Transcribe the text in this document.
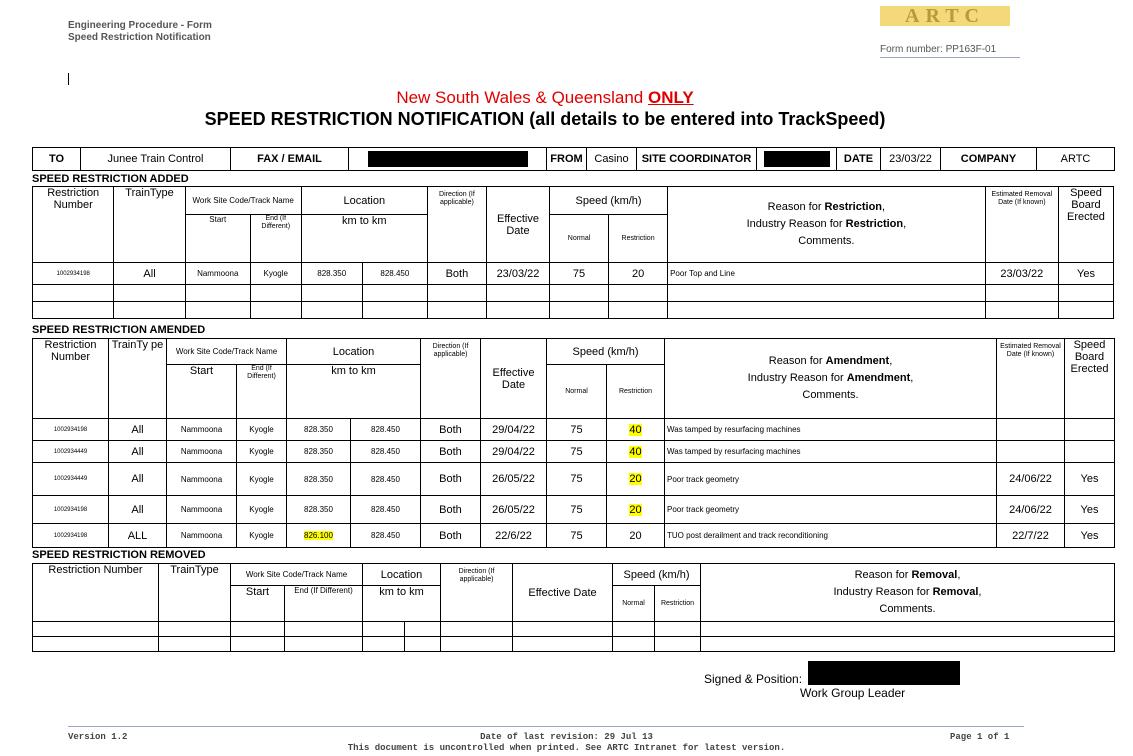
Engineering Procedure - Form
Speed Restriction Notification
ARTC
Form number: PP163F-01
New South Wales & Queensland ONLY
SPEED RESTRICTION NOTIFICATION (all details to be entered into TrackSpeed)
TO	Junee Train Control	FAX / EMAIL		FROM	Casino	SITE COORDINATOR		DATE	23/03/22	COMPANY	ARTC
SPEED RESTRICTION ADDED
Restriction Number	TrainType	Work Site Code/Track Name		Location		Direction (If applicable)	Effective Date	Speed (km/h)		Reason for Restriction,
Industry Reason for Restriction,
Comments.	Estimated Removal Date (If known)	Speed Board Erected
		Start	End (If Different)	km to km				Normal	Restriction			
1002934198	All	Nammoona	Kyogle	828.350	828.450	Both	23/03/22	75	20	Poor Top and Line	23/03/22	Yes

SPEED RESTRICTION AMENDED
Restriction Number	TrainTy pe	Work Site Code/Track Name		Location		Direction (If applicable)	Effective Date	Speed (km/h)		Reason for Amendment,
Industry Reason for Amendment,
Comments.	Estimated Removal Date (If known)	Speed Board Erected
		Start	End (If Different)	km to km				Normal	Restriction			
1002934198	All	Nammoona	Kyogle	828.350	828.450	Both	29/04/22	75	40	Was tamped by resurfacing machines		
1002934449	All	Nammoona	Kyogle	828.350	828.450	Both	29/04/22	75	40	Was tamped by resurfacing machines		
1002934449	All	Nammoona	Kyogle	828.350	828.450	Both	26/05/22	75	20	Poor track geometry	24/06/22	Yes
1002934198	All	Nammoona	Kyogle	828.350	828.450	Both	26/05/22	75	20	Poor track geometry	24/06/22	Yes
1002934198	ALL	Nammoona	Kyogle	826.100	828.450	Both	22/6/22	75	20	TUO post derailment and track reconditioning	22/7/22	Yes
SPEED RESTRICTION REMOVED
Restriction Number	TrainType	Work Site Code/Track Name		Location		Direction (If applicable)	Effective Date	Speed (km/h)		Reason for Removal,
Industry Reason for Removal,
Comments.
		Start	End (If Different)	km to km				Normal	Restriction	

Signed & Position:
Work Group Leader
Version 1.2	Date of last revision: 29 Jul 13
This document is uncontrolled when printed. See ARTC Intranet for latest version.
Page 1 of 1
